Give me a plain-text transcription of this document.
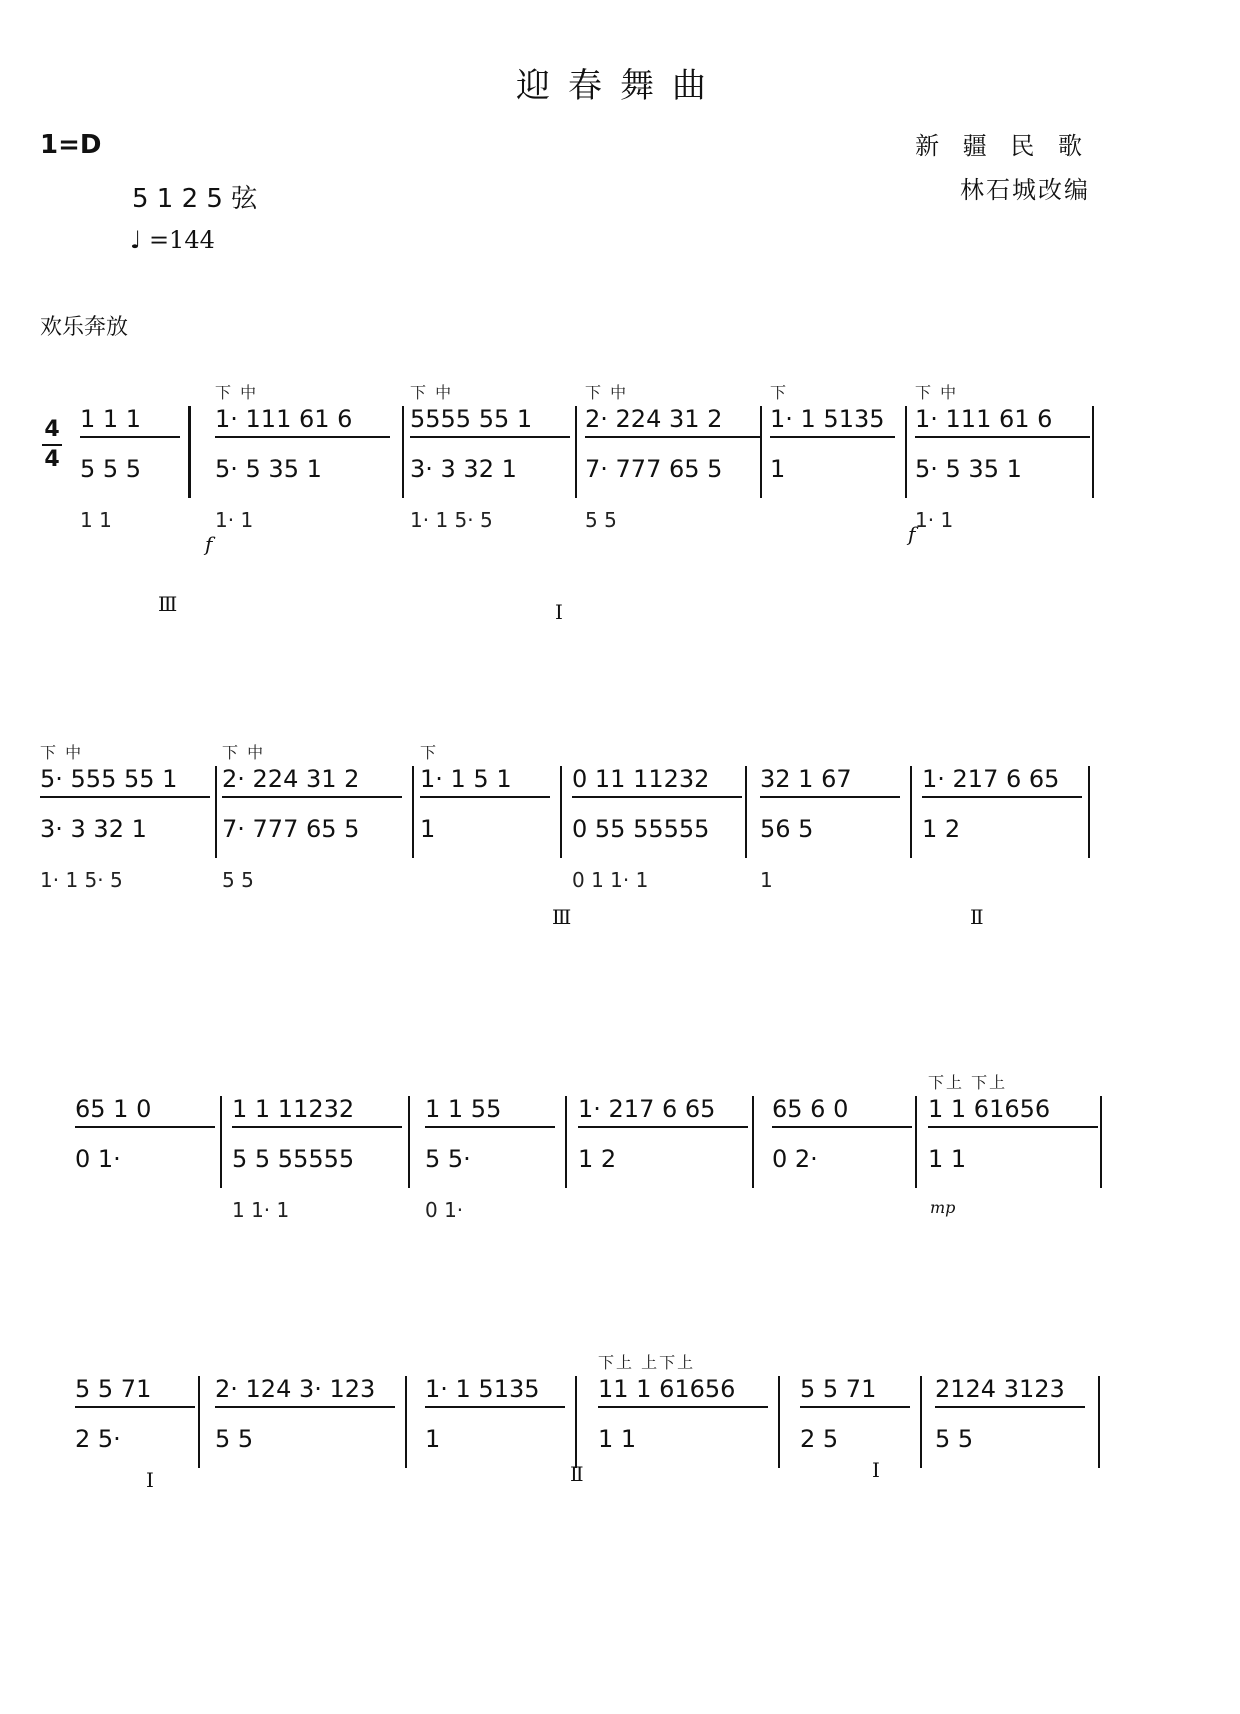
迎春舞曲
1=D
5 1 2 5 弦
♩ =144
新 疆 民 歌
林石城改编
欢乐奔放
4
4
1 1 1
5 5 5
1 1
下 中
1· 111 61 6
5· 5 35 1
1· 1
下 中
5555 55 1
3· 3 32 1
1· 1 5· 5
下 中
2· 224 31 2
7· 777 65 5
5 5
下
1· 1 5135
1
下 中
1· 111 61 6
5· 5 35 1
1· 1
f	f
下 中
5· 555 55 1
3· 3 32 1
1· 1 5· 5
下 中
2· 224 31 2
7· 777 65 5
5 5
下
1· 1 5 1
1
0 11 11232
0 55 55555
0 1 1· 1
32 1 67
56 5
1
1· 217 6 65
1 2
65 1 0
0 1·
1 1 11232
5 5 55555
1 1· 1
1 1 55
5 5·
0 1·
1· 217 6 65
1 2
65 6 0
0 2·
下上 下上
1 1 61656
1 1
mp
5 5 71
2 5·
2· 124 3· 123
5 5
1· 1 5135
1
下上 上下上
11 1 61656
1 1
5 5 71
2 5
2124 3123
5 5
Ⅰ	Ⅱ	Ⅰ
Ⅲ	Ⅰ
Ⅲ	Ⅱ
